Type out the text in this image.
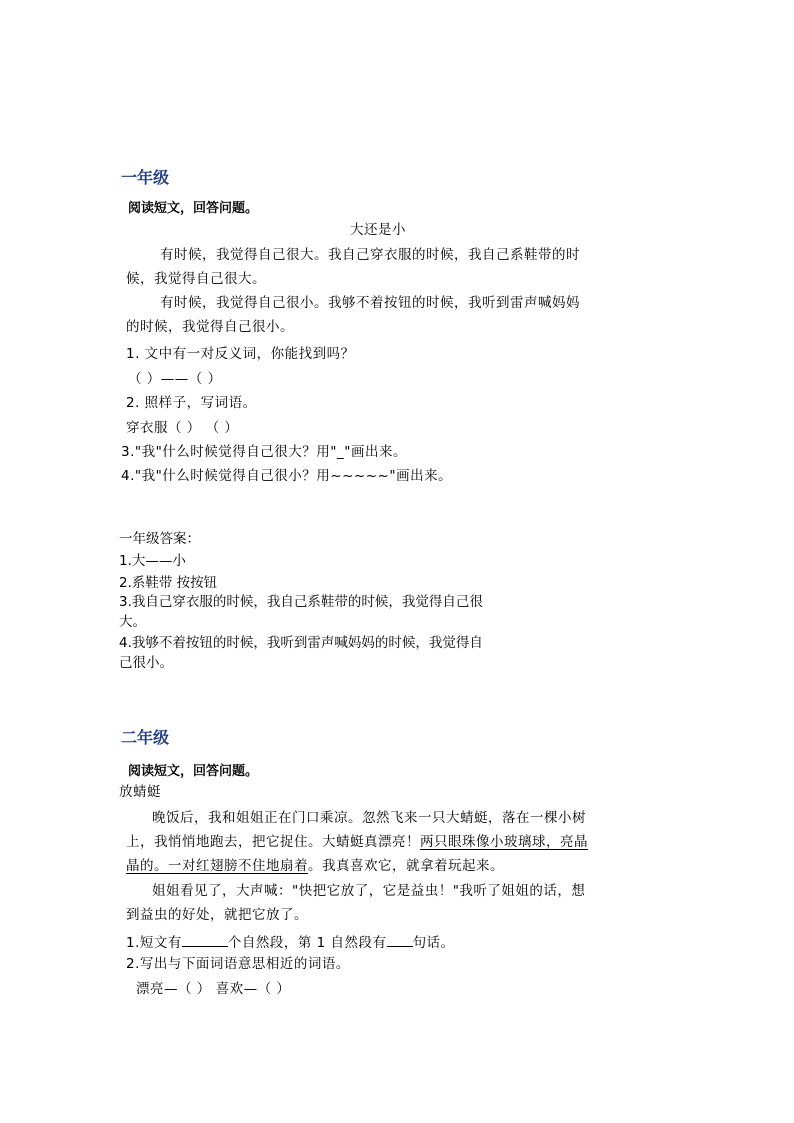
一年级
阅读短文，回答问题。
大还是小
有时候，我觉得自己很大。我自己穿衣服的时候，我自己系鞋带的时
候，我觉得自己很大。
有时候，我觉得自己很小。我够不着按钮的时候，我听到雷声喊妈妈
的时候，我觉得自己很小。
1. 文中有一对反义词，你能找到吗？
（ ）——（ ）
2. 照样子，写词语。
穿衣服（ ） （ ）
3."我"什么时候觉得自己很大？用"_"画出来。
4."我"什么时候觉得自己很小？用~~~~~"画出来。
一年级答案：
1.大——小
2.系鞋带 按按钮
3.我自己穿衣服的时候，我自己系鞋带的时候，我觉得自己很
大。
4.我够不着按钮的时候，我听到雷声喊妈妈的时候，我觉得自
己很小。
二年级
阅读短文，回答问题。
放蜻蜓
晚饭后，我和姐姐正在门口乘凉。忽然飞来一只大蜻蜓，落在一棵小树
上，我悄悄地跑去，把它捉住。大蜻蜓真漂亮！两只眼珠像小玻璃球，亮晶
晶的。一对红翅膀不住地扇着。我真喜欢它，就拿着玩起来。
姐姐看见了，大声喊："快把它放了，它是益虫！"我听了姐姐的话，想
到益虫的好处，就把它放了。
1.短文有	个自然段，第 1 自然段有 句话。
2.写出与下面词语意思相近的词语。
漂亮—（ ） 喜欢—（ ）
